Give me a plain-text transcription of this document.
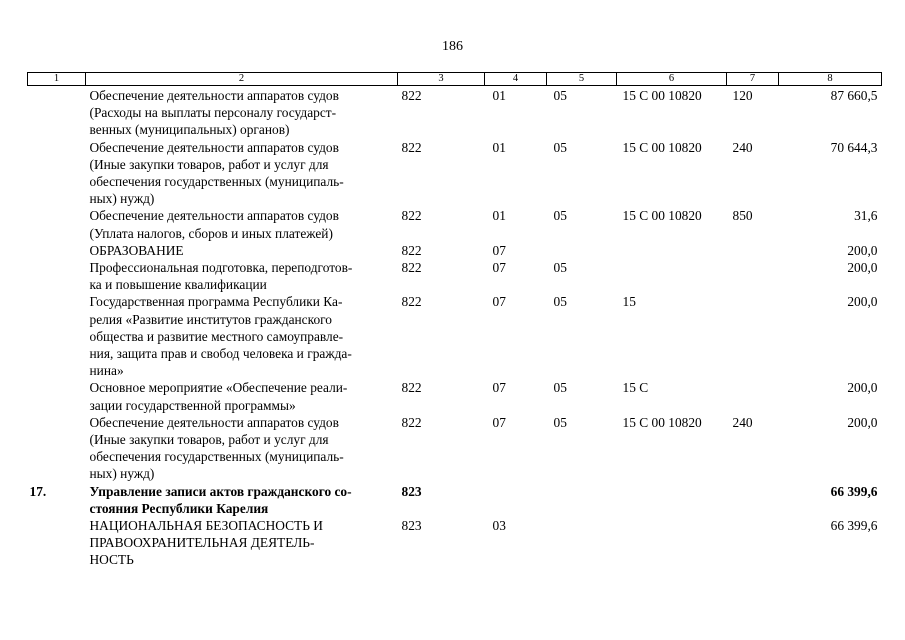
186
1	2	3	4	5	6	7	8

	Обеспечение деятельности аппаратов судов
(Расходы на выплаты персоналу государст-
венных (муниципальных) органов)	822	01	05	15 С 00 10820	120	87 660,5

	Обеспечение деятельности аппаратов судов
(Иные закупки товаров, работ и услуг для
обеспечения государственных (муниципаль-
ных) нужд)	822	01	05	15 С 00 10820	240	70 644,3

	Обеспечение деятельности аппаратов судов
(Уплата налогов, сборов и иных платежей)	822	01	05	15 С 00 10820	850	31,6

	ОБРАЗОВАНИЕ	822	07				200,0

	Профессиональная подготовка, переподготов-
ка и повышение квалификации	822	07	05			200,0

	Государственная программа Республики Ка-
релия «Развитие институтов гражданского
общества и развитие местного самоуправле-
ния, защита прав и свобод человека и гражда-
нина»	822	07	05	15		200,0

	Основное мероприятие «Обеспечение реали-
зации государственной программы»	822	07	05	15 С		200,0

	Обеспечение деятельности аппаратов судов
(Иные закупки товаров, работ и услуг для
обеспечения государственных (муниципаль-
ных) нужд)	822	07	05	15 С 00 10820	240	200,0
17.	Управление записи актов гражданского со-
стояния Республики Карелия	823					66 399,6

	НАЦИОНАЛЬНАЯ БЕЗОПАСНОСТЬ И
ПРАВООХРАНИТЕЛЬНАЯ ДЕЯТЕЛЬ-
НОСТЬ	823	03				66 399,6
